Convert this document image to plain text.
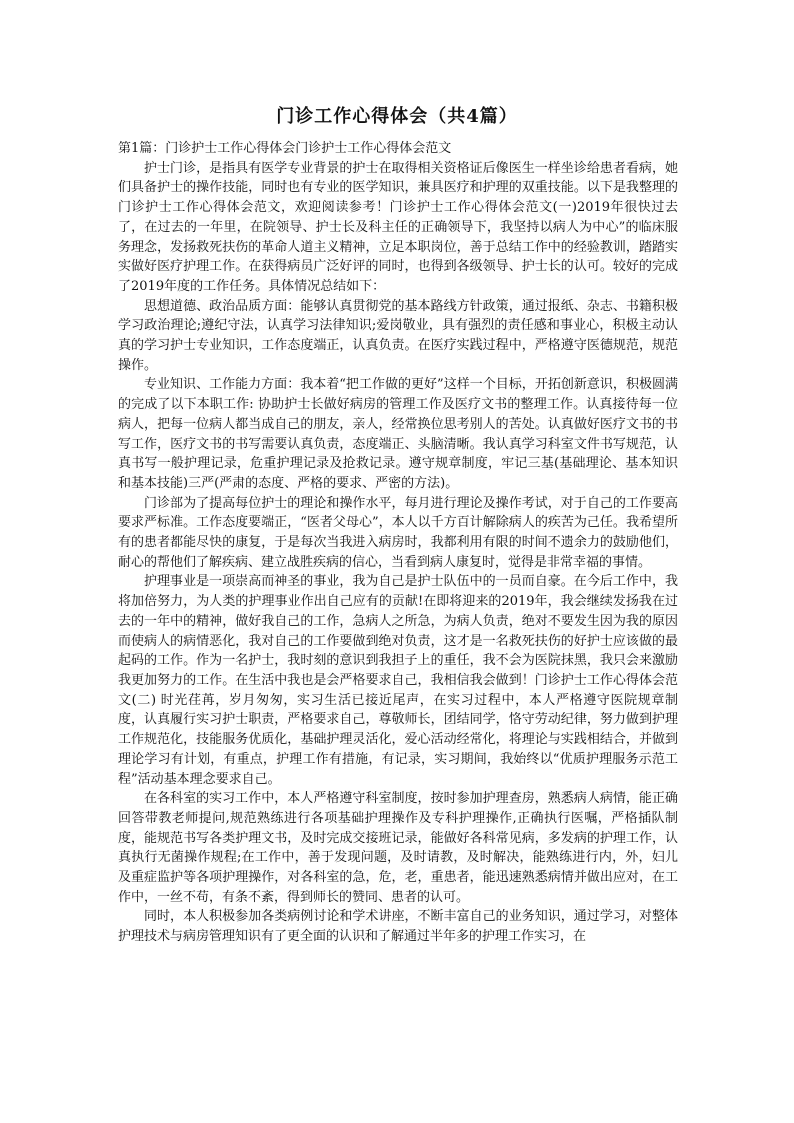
门诊工作心得体会（共4篇）

第1篇：门诊护士工作心得体会门诊护士工作心得体会范文

护士门诊，是指具有医学专业背景的护士在取得相关资格证后像医生一样坐诊给患者看病，她们具备护士的操作技能，同时也有专业的医学知识，兼具医疗和护理的双重技能。以下是我整理的门诊护士工作心得体会范文，欢迎阅读参考！门诊护士工作心得体会范文(一)2019年很快过去了，在过去的一年里，在院领导、护士长及科主任的正确领导下，我坚持以病人为中心”的临床服务理念，发扬救死扶伤的革命人道主义精神，立足本职岗位，善于总结工作中的经验教训，踏踏实实做好医疗护理工作。在获得病员广泛好评的同时，也得到各级领导、护士长的认可。较好的完成了2019年度的工作任务。具体情况总结如下：

思想道德、政治品质方面：能够认真贯彻党的基本路线方针政策，通过报纸、杂志、书籍积极学习政治理论;遵纪守法，认真学习法律知识;爱岗敬业，具有强烈的责任感和事业心，积极主动认真的学习护士专业知识，工作态度端正，认真负责。在医疗实践过程中，严格遵守医德规范，规范操作。

专业知识、工作能力方面：我本着“把工作做的更好”这样一个目标，开拓创新意识，积极圆满的完成了以下本职工作: 协助护士长做好病房的管理工作及医疗文书的整理工作。认真接待每一位病人，把每一位病人都当成自己的朋友，亲人，经常换位思考别人的苦处。认真做好医疗文书的书写工作，医疗文书的书写需要认真负责，态度端正、头脑清晰。我认真学习科室文件书写规范，认真书写一般护理记录，危重护理记录及抢救记录。遵守规章制度，牢记三基(基础理论、基本知识和基本技能)三严(严肃的态度、严格的要求、严密的方法)。

门诊部为了提高每位护士的理论和操作水平，每月进行理论及操作考试，对于自己的工作要高要求严标准。工作态度要端正，“医者父母心”，本人以千方百计解除病人的疾苦为己任。我希望所有的患者都能尽快的康复，于是每次当我进入病房时，我都利用有限的时间不遗余力的鼓励他们，耐心的帮他们了解疾病、建立战胜疾病的信心，当看到病人康复时，觉得是非常幸福的事情。

护理事业是一项崇高而神圣的事业，我为自己是护士队伍中的一员而自豪。在今后工作中，我将加倍努力，为人类的护理事业作出自己应有的贡献!在即将迎来的2019年，我会继续发扬我在过去的一年中的精神，做好我自己的工作，急病人之所急，为病人负责，绝对不要发生因为我的原因而使病人的病情恶化，我对自己的工作要做到绝对负责，这才是一名救死扶伤的好护士应该做的最起码的工作。作为一名护士，我时刻的意识到我担子上的重任，我不会为医院抹黑，我只会来激励我更加努力的工作。在生活中我也是会严格要求自己，我相信我会做到！门诊护士工作心得体会范文(二) 时光荏苒，岁月匆匆，实习生活已接近尾声，在实习过程中，本人严格遵守医院规章制度，认真履行实习护士职责，严格要求自己，尊敬师长，团结同学，恪守劳动纪律，努力做到护理工作规范化，技能服务优质化，基础护理灵活化，爱心活动经常化，将理论与实践相结合，并做到理论学习有计划，有重点，护理工作有措施，有记录，实习期间，我始终以“优质护理服务示范工程”活动基本理念要求自己。

在各科室的实习工作中，本人严格遵守科室制度，按时参加护理查房，熟悉病人病情，能正确回答带教老师提问,规范熟练进行各项基础护理操作及专科护理操作,正确执行医嘱，严格插队制度，能规范书写各类护理文书，及时完成交接班记录，能做好各科常见病，多发病的护理工作，认真执行无菌操作规程;在工作中，善于发现问题，及时请教，及时解决，能熟练进行内，外，妇儿及重症监护等各项护理操作，对各科室的急，危，老，重患者，能迅速熟悉病情并做出应对，在工作中，一丝不苟，有条不紊，得到师长的赞同、患者的认可。

同时，本人积极参加各类病例讨论和学术讲座，不断丰富自己的业务知识，通过学习，对整体护理技术与病房管理知识有了更全面的认识和了解通过半年多的护理工作实习，在
